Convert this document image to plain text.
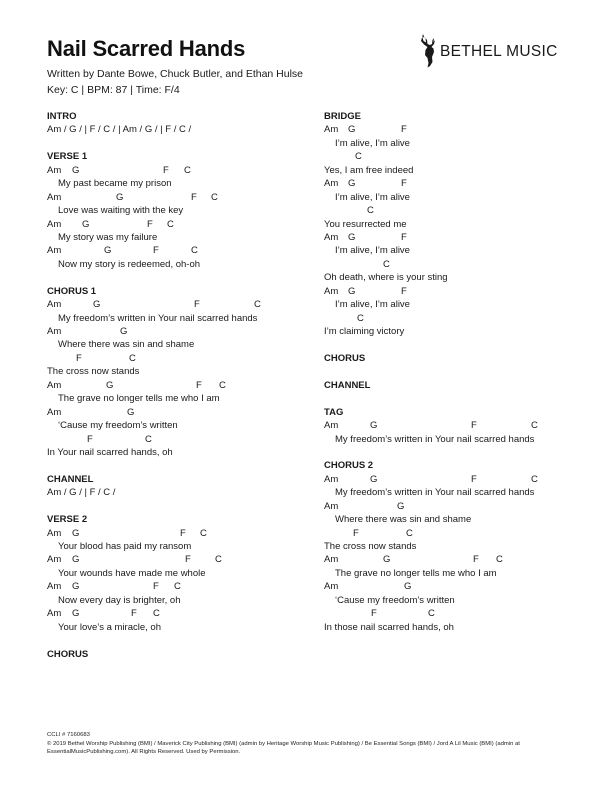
Nail Scarred Hands
Written by Dante Bowe, Chuck Butler, and Ethan Hulse
Key: C | BPM: 87 | Time: F/4
BETHEL MUSIC
INTRO
Am / G / | F / C / | Am / G / | F / C /
VERSE 1
Am G	F C
My past became my prison
Am	G	F C
Love was waiting with the key
Am G	F C
My story was my failure
Am	G	F	C
Now my story is redeemed, oh-oh
CHORUS 1
Am	G	F	C
My freedom’s written in Your nail scarred hands
Am	G
Where there was sin and shame
F	C
The cross now stands
Am	G	F C
The grave no longer tells me who I am
Am	G
‘Cause my freedom’s written
F	C
In Your nail scarred hands, oh
CHANNEL
Am / G / | F / C /
VERSE 2
Am G	F C
Your blood has paid my ransom
Am G	F	C
Your wounds have made me whole
Am G	F C
Now every day is brighter, oh
Am G	F C
Your love’s a miracle, oh
CHORUS
BRIDGE
Am G	F
I’m alive, I’m alive
C
Yes, I am free indeed
Am G	F
I’m alive, I’m alive
C
You resurrected me
Am G	F
I’m alive, I’m alive
C
Oh death, where is your sting
Am G	F
I’m alive, I’m alive
C
I’m claiming victory
CHORUS
CHANNEL
TAG
Am	G	F	C
My freedom’s written in Your nail scarred hands
CHORUS 2
Am	G	F	C
My freedom’s written in Your nail scarred hands
Am	G
Where there was sin and shame
F	C
The cross now stands
Am	G	F C
The grave no longer tells me who I am
Am	G
‘Cause my freedom’s written
F	C
In those nail scarred hands, oh
CCLI # 7160683
© 2019 Bethel Worship Publishing (BMI) / Maverick City Publishing (BMI) (admin by Heritage Worship Music Publishing) / Be Essential Songs (BMI) / Jord A Lil Music (BMI) (admin at EssentialMusicPublishing.com). All Rights Reserved. Used by Permission.
